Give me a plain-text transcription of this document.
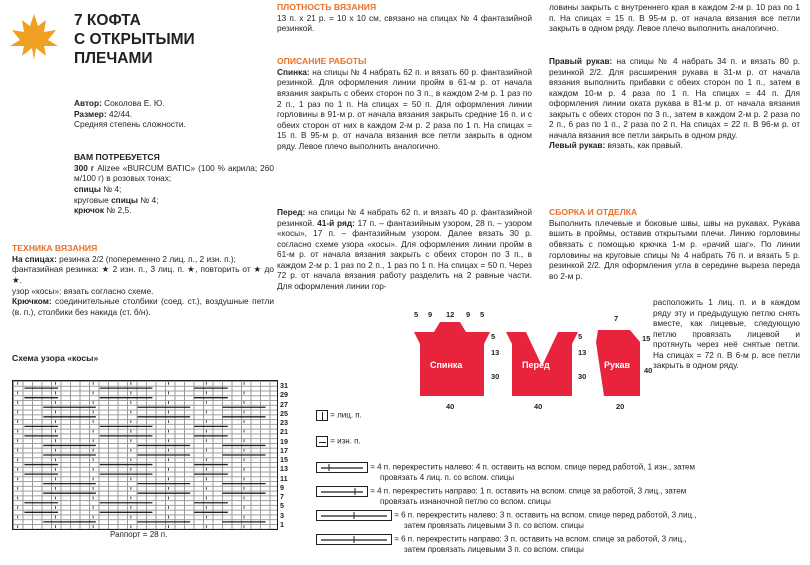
7 КОФТА
С ОТКРЫТЫМИ
ПЛЕЧАМИ

Автор: Соколова Е. Ю.

Размер: 42/44.

Средняя степень сложности.

ВАМ ПОТРЕБУЕТСЯ

300 г Alizee «BURCUM BATIC» (100 % акрила; 260 м/100 г) в розовых тонах;

спицы № 4;

круговые спицы № 4;

крючок № 2,5.

ТЕХНИКА ВЯЗАНИЯ

На спицах: резинка 2/2 (попеременно 2 лиц. п., 2 изн. п.);

фантазийная резинка: ★ 2 изн. п., 3 лиц. п. ★, повторить от ★ до ★.

узор «косы»: вязать согласно схеме.

Крючком: соединительные столбики (соед. ст.), воздушные петли (в. п.), столбики без накида (ст. б/н).

Схема узора «косы»
31
29
27
25
23
21
19
17
15
13
11
9
7
5
3
1
Раппорт = 28 п.

ПЛОТНОСТЬ ВЯЗАНИЯ

13 п. х 21 р. = 10 х 10 см, связано на спицах № 4 фантазийной резинкой.

ОПИСАНИЕ РАБОТЫ

Спинка: на спицы № 4 набрать 62 п. и вязать 60 р. фантазийной резинкой. Для оформления линии пройм в 61-м р. от начала вязания закрыть с обеих сторон по 3 п., в каждом 2-м р. 1 раз по 2 п., 1 раз по 1 п. На спицах = 50 п. Для оформления линии горловины в 91-м р. от начала вязания закрыть средние 16 п. и с обеих сторон от них в каждом 2-м р. 2 раза по 1 п. На спицах = 15 п. В 95-м р. от начала вязания все петли закрыть в одном ряду. Левое плечо выполнить аналогично.

Перед: на спицы № 4 набрать 62 п. и вязать 40 р. фантазийной резинкой. 41-й ряд: 17 п. – фантазийным узором, 28 п. – узором «косы», 17 п. – фантазийным узором. Далее вязать 30 р. согласно схеме узора «косы». Для оформления линии пройм в 61-м р. от начала вязания закрыть с обеих сторон по 3 п., в каждом 2-м р. 1 раз по 2 п., 1 раз по 1 п. На спицах = 50 п. Через 72 р. от начала вязания работу разделить на 2 равные части. Для оформления линии гор-

ловины закрыть с внутреннего края в каждом 2-м р. 10 раз по 1 п. На спицах = 15 п. В 95-м р. от начала вязания все петли закрыть в одном ряду. Левое плечо выполнить аналогично.

Правый рукав: на спицы № 4 набрать 34 п. и вязать 80 р. резинкой 2/2. Для расширения рукава в 31-м р. от начала вязания выполнить прибавки с обеих сторон по 1 п., затем в каждом 10-м р. 4 раза по 1 п. На спицах = 44 п. Для оформления линии оката рукава в 81-м р. от начала вязания закрыть с обеих сторон по 3 п., затем в каждом 2-м р. 2 раза по 2 п., 6 раз по 1 п., 2 раза по 2 п. На спицах = 22 п. В 96-м р. от начала вязания все петли закрыть в одном ряду.

Левый рукав: вязать, как правый.

СБОРКА И ОТДЕЛКА

Выполнить плечевые и боковые швы, швы на рукавах. Рукава вшить в проймы, оставив открытыми плечи. Линию горловины обвязать с помощью крючка 1-м р. «рачий шаг». По линии горловины на круговые спицы № 4 набрать 76 п. и вязать 5 р. резинкой 2/2. Для оформления угла в середине выреза переда во 2-м р.

расположить 1 лиц. п. и в каждом ряду эту и предыдущую петлю снять вместе, как лицевые, следующую петлю провязать лицевой и протянуть через неё снятые петли. На спицах = 72 п. В 6-м р. все петли закрыть в одном ряду.

Спинка	Перед	Рукав
5 9 12 9 5
5
13
30
40
5
13
30
40
7
15
40
20
= лиц. п.
= изн. п.
= 4 п. перекрестить налево: 4 п. оставить на вспом. спице перед работой, 1 изн., затем
провязать 4 лиц. п. со вспом. спицы
= 4 п. перекрестить направо: 1 п. оставить на вспом. спице за работой, 3 лиц., затем
провязать изнаночной петлю со вспом. спицы
= 6 п. перекрестить налево: 3 п. оставить на вспом. спице перед работой, 3 лиц.,
затем провязать лицевыми 3 п. со вспом. спицы
= 6 п. перекрестить направо: 3 п. оставить на вспом. спице за работой, 3 лиц.,
затем провязать лицевыми 3 п. со вспом. спицы
